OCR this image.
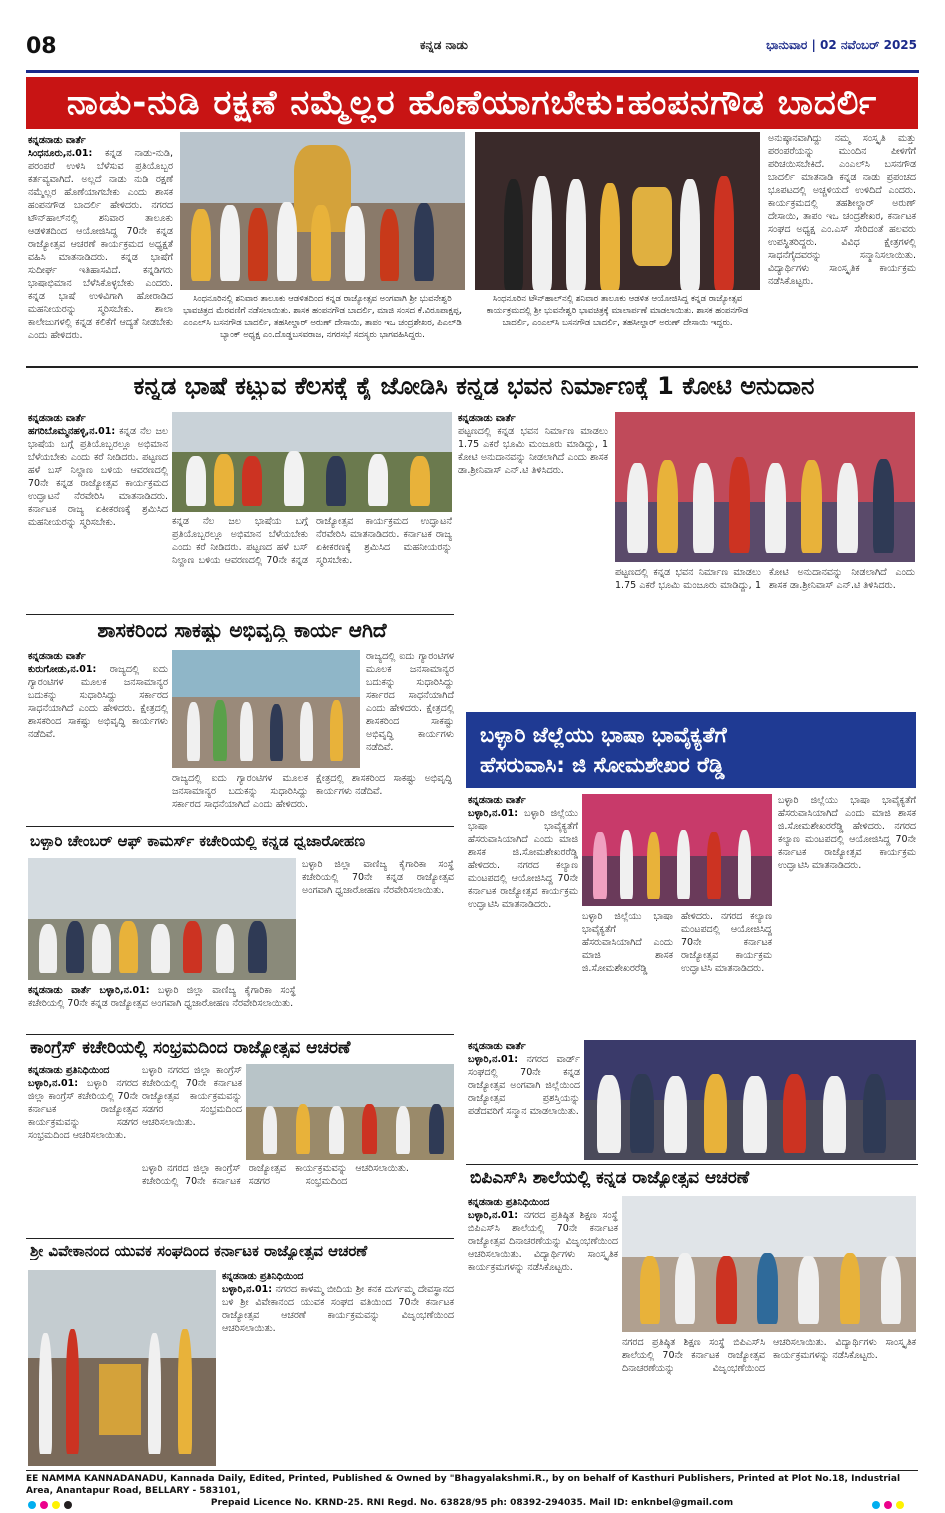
08	ಕನ್ನಡ ನಾಡು	ಭಾನುವಾರ | 02 ನವೆಂಬರ್ 2025
ನಾಡು-ನುಡಿ ರಕ್ಷಣೆ ನಮ್ಮೆಲ್ಲರ ಹೊಣೆಯಾಗಬೇಕು:ಹಂಪನಗೌಡ ಬಾದರ್ಲಿ
ಕನ್ನಡನಾಡು ವಾರ್ತೆ
ಸಿಂಧನೂರು,ನ.01: ಕನ್ನಡ ನಾಡು-ನುಡಿ, ಪರಂಪರೆ ಉಳಿಸಿ ಬೆಳೆಸುವ ಪ್ರತಿಯೊಬ್ಬರ ಕರ್ತವ್ಯವಾಗಿದೆ. ಅಲ್ಲದೆ ನಾಡು ನುಡಿ ರಕ್ಷಣೆ ನಮ್ಮೆಲ್ಲರ ಹೊಣೆಯಾಗಬೇಕು ಎಂದು ಶಾಸಕ ಹಂಪನಗೌಡ ಬಾದರ್ಲಿ ಹೇಳಿದರು. ನಗರದ ಟೌನ್‌ಹಾಲ್‌ನಲ್ಲಿ ಶನಿವಾರ ತಾಲೂಕು ಆಡಳಿತದಿಂದ ಆಯೋಜಿಸಿದ್ದ 70ನೇ ಕನ್ನಡ ರಾಜ್ಯೋತ್ಸವ ಆಚರಣೆ ಕಾರ್ಯಕ್ರಮದ ಅಧ್ಯಕ್ಷತೆ ವಹಿಸಿ ಮಾತನಾಡಿದರು. ಕನ್ನಡ ಭಾಷೆಗೆ ಸುದೀರ್ಘ ಇತಿಹಾಸವಿದೆ. ಕನ್ನಡಿಗರು ಭಾಷಾಭಿಮಾನ ಬೆಳೆಸಿಕೊಳ್ಳಬೇಕು ಎಂದರು. ಕನ್ನಡ ಭಾಷೆ ಉಳಿವಿಗಾಗಿ ಹೋರಾಡಿದ ಮಹನೀಯರನ್ನು ಸ್ಮರಿಸಬೇಕು. ಶಾಲಾ ಕಾಲೇಜುಗಳಲ್ಲಿ ಕನ್ನಡ ಕಲಿಕೆಗೆ ಆದ್ಯತೆ ನೀಡಬೇಕು ಎಂದು ಹೇಳಿದರು.
ಸಿಂಧನೂರಿನಲ್ಲಿ ಶನಿವಾರ ತಾಲೂಕು ಆಡಳಿತದಿಂದ ಕನ್ನಡ ರಾಜ್ಯೋತ್ಸವ ಅಂಗವಾಗಿ ಶ್ರೀ ಭುವನೇಶ್ವರಿ ಭಾವಚಿತ್ರದ ಮೆರವಣಿಗೆ ನಡೆಸಲಾಯಿತು. ಶಾಸಕ ಹಂಪನಗೌಡ ಬಾದರ್ಲಿ, ಮಾಜಿ ಸಂಸದ ಕೆ.ವಿರೂಪಾಕ್ಷಪ್ಪ, ಎಂಎಲ್‌ಸಿ ಬಸನಗೌಡ ಬಾದರ್ಲಿ, ತಹಸೀಲ್ದಾರ್ ಅರುಣ್ ದೇಸಾಯಿ, ತಾಪಂ ಇಒ ಚಂದ್ರಶೇಖರ, ಪಿಎಲ್‌ಡಿ ಬ್ಯಾಂಕ್ ಅಧ್ಯಕ್ಷ ಎಂ.ದೊಡ್ಡಬಸವರಾಜ, ನಗರಸಭೆ ಸದಸ್ಯರು ಭಾಗವಹಿಸಿದ್ದರು.
ಸಿಂಧನೂರಿನ ಟೌನ್‌ಹಾಲ್‌ನಲ್ಲಿ ಶನಿವಾರ ತಾಲೂಕು ಆಡಳಿತ ಆಯೋಜಿಸಿದ್ದ ಕನ್ನಡ ರಾಜ್ಯೋತ್ಸವ ಕಾರ್ಯಕ್ರಮದಲ್ಲಿ ಶ್ರೀ ಭುವನೇಶ್ವರಿ ಭಾವಚಿತ್ರಕ್ಕೆ ಮಾಲಾರ್ಪಣೆ ಮಾಡಲಾಯಿತು. ಶಾಸಕ ಹಂಪನಗೌಡ ಬಾದರ್ಲಿ, ಎಂಎಲ್‌ಸಿ ಬಸನಗೌಡ ಬಾದರ್ಲಿ, ತಹಸೀಲ್ದಾರ್ ಅರುಣ್ ದೇಸಾಯಿ ಇದ್ದರು.
ಅನುಷ್ಠಾನವಾಗಿದ್ದು ನಮ್ಮ ಸಂಸ್ಕೃತಿ ಮತ್ತು ಪರಂಪರೆಯನ್ನು ಮುಂದಿನ ಪೀಳಿಗೆಗೆ ಪರಿಚಯಿಸಬೇಕಿದೆ. ಎಂಎಲ್‌ಸಿ ಬಸನಗೌಡ ಬಾದರ್ಲಿ ಮಾತನಾಡಿ ಕನ್ನಡ ನಾಡು ಪ್ರಪಂಚದ ಭೂಪಟದಲ್ಲಿ ಅಚ್ಚಳಿಯದೆ ಉಳಿದಿದೆ ಎಂದರು. ಕಾರ್ಯಕ್ರಮದಲ್ಲಿ ತಹಶೀಲ್ದಾರ್ ಅರುಣ್ ದೇಸಾಯಿ, ತಾಪಂ ಇಒ ಚಂದ್ರಶೇಖರ, ಕರ್ನಾಟಕ ಸಂಘದ ಅಧ್ಯಕ್ಷ ಎಂ.ಎಸ್ ಸೇರಿದಂತೆ ಹಲವರು ಉಪಸ್ಥಿತರಿದ್ದರು. ವಿವಿಧ ಕ್ಷೇತ್ರಗಳಲ್ಲಿ ಸಾಧನೆಗೈದವರನ್ನು ಸನ್ಮಾನಿಸಲಾಯಿತು. ವಿದ್ಯಾರ್ಥಿಗಳು ಸಾಂಸ್ಕೃತಿಕ ಕಾರ್ಯಕ್ರಮ ನಡೆಸಿಕೊಟ್ಟರು.
ಕನ್ನಡ ಭಾಷೆ ಕಟ್ಟುವ ಕೆಲಸಕ್ಕೆ ಕೈ ಜೋಡಿಸಿ ಕನ್ನಡ ಭವನ ನಿರ್ಮಾಣಕ್ಕೆ 1 ಕೋಟಿ ಅನುದಾನ
ಕನ್ನಡನಾಡು ವಾರ್ತೆ
ಹಗರಿಬೊಮ್ಮನಹಳ್ಳಿ,ನ.01: ಕನ್ನಡ ನೆಲ ಜಲ ಭಾಷೆಯ ಬಗ್ಗೆ ಪ್ರತಿಯೊಬ್ಬರಲ್ಲೂ ಅಭಿಮಾನ ಬೆಳೆಯಬೇಕು ಎಂದು ಕರೆ ನೀಡಿದರು. ಪಟ್ಟಣದ ಹಳೆ ಬಸ್ ನಿಲ್ದಾಣ ಬಳಿಯ ಆವರಣದಲ್ಲಿ 70ನೇ ಕನ್ನಡ ರಾಜ್ಯೋತ್ಸವ ಕಾರ್ಯಕ್ರಮದ ಉದ್ಘಾಟನೆ ನೆರವೇರಿಸಿ ಮಾತನಾಡಿದರು. ಕರ್ನಾಟಕ ರಾಜ್ಯ ಏಕೀಕರಣಕ್ಕೆ ಶ್ರಮಿಸಿದ ಮಹನೀಯರನ್ನು ಸ್ಮರಿಸಬೇಕು.	ಕನ್ನಡ ನೆಲ ಜಲ ಭಾಷೆಯ ಬಗ್ಗೆ ಪ್ರತಿಯೊಬ್ಬರಲ್ಲೂ ಅಭಿಮಾನ ಬೆಳೆಯಬೇಕು ಎಂದು ಕರೆ ನೀಡಿದರು. ಪಟ್ಟಣದ ಹಳೆ ಬಸ್ ನಿಲ್ದಾಣ ಬಳಿಯ ಆವರಣದಲ್ಲಿ 70ನೇ ಕನ್ನಡ ರಾಜ್ಯೋತ್ಸವ ಕಾರ್ಯಕ್ರಮದ ಉದ್ಘಾಟನೆ ನೆರವೇರಿಸಿ ಮಾತನಾಡಿದರು. ಕರ್ನಾಟಕ ರಾಜ್ಯ ಏಕೀಕರಣಕ್ಕೆ ಶ್ರಮಿಸಿದ ಮಹನೀಯರನ್ನು ಸ್ಮರಿಸಬೇಕು.
ಕನ್ನಡನಾಡು ವಾರ್ತೆ
ಪಟ್ಟಣದಲ್ಲಿ ಕನ್ನಡ ಭವನ ನಿರ್ಮಾಣ ಮಾಡಲು 1.75 ಎಕರೆ ಭೂಮಿ ಮಂಜೂರು ಮಾಡಿದ್ದು, 1 ಕೋಟಿ ಅನುದಾನವನ್ನು ನೀಡಲಾಗಿದೆ ಎಂದು ಶಾಸಕ ಡಾ.ಶ್ರೀನಿವಾಸ್ ಎನ್.ಟಿ ತಿಳಿಸಿದರು.
ಪಟ್ಟಣದಲ್ಲಿ ಕನ್ನಡ ಭವನ ನಿರ್ಮಾಣ ಮಾಡಲು 1.75 ಎಕರೆ ಭೂಮಿ ಮಂಜೂರು ಮಾಡಿದ್ದು, 1 ಕೋಟಿ ಅನುದಾನವನ್ನು ನೀಡಲಾಗಿದೆ ಎಂದು ಶಾಸಕ ಡಾ.ಶ್ರೀನಿವಾಸ್ ಎನ್.ಟಿ ತಿಳಿಸಿದರು.
ಶಾಸಕರಿಂದ ಸಾಕಷ್ಟು ಅಭಿವೃದ್ಧಿ ಕಾರ್ಯ ಆಗಿದೆ
ಕನ್ನಡನಾಡು ವಾರ್ತೆ
ಕುರುಗೋಡು,ನ.01: ರಾಜ್ಯದಲ್ಲಿ ಐದು ಗ್ಯಾರಂಟಿಗಳ ಮೂಲಕ ಜನಸಾಮಾನ್ಯರ ಬದುಕನ್ನು ಸುಧಾರಿಸಿದ್ದು ಸರ್ಕಾರದ ಸಾಧನೆಯಾಗಿದೆ ಎಂದು ಹೇಳಿದರು. ಕ್ಷೇತ್ರದಲ್ಲಿ ಶಾಸಕರಿಂದ ಸಾಕಷ್ಟು ಅಭಿವೃದ್ಧಿ ಕಾರ್ಯಗಳು ನಡೆದಿವೆ.
ರಾಜ್ಯದಲ್ಲಿ ಐದು ಗ್ಯಾರಂಟಿಗಳ ಮೂಲಕ ಜನಸಾಮಾನ್ಯರ ಬದುಕನ್ನು ಸುಧಾರಿಸಿದ್ದು ಸರ್ಕಾರದ ಸಾಧನೆಯಾಗಿದೆ ಎಂದು ಹೇಳಿದರು. ಕ್ಷೇತ್ರದಲ್ಲಿ ಶಾಸಕರಿಂದ ಸಾಕಷ್ಟು ಅಭಿವೃದ್ಧಿ ಕಾರ್ಯಗಳು ನಡೆದಿವೆ.
ರಾಜ್ಯದಲ್ಲಿ ಐದು ಗ್ಯಾರಂಟಿಗಳ ಮೂಲಕ ಜನಸಾಮಾನ್ಯರ ಬದುಕನ್ನು ಸುಧಾರಿಸಿದ್ದು ಸರ್ಕಾರದ ಸಾಧನೆಯಾಗಿದೆ ಎಂದು ಹೇಳಿದರು. ಕ್ಷೇತ್ರದಲ್ಲಿ ಶಾಸಕರಿಂದ ಸಾಕಷ್ಟು ಅಭಿವೃದ್ಧಿ ಕಾರ್ಯಗಳು ನಡೆದಿವೆ.
ಬಳ್ಳಾರಿ ಜೆಲ್ಲೆಯು ಭಾಷಾ ಭಾವೈಕ್ಯತೆಗೆ
ಹೆಸರುವಾಸಿ: ಜಿ ಸೋಮಶೇಖರ ರೆಡ್ಡಿ
ಕನ್ನಡನಾಡು ವಾರ್ತೆ
ಬಳ್ಳಾರಿ,ನ.01: ಬಳ್ಳಾರಿ ಜಿಲ್ಲೆಯು ಭಾಷಾ ಭಾವೈಕ್ಯತೆಗೆ ಹೆಸರುವಾಸಿಯಾಗಿದೆ ಎಂದು ಮಾಜಿ ಶಾಸಕ ಜಿ.ಸೋಮಶೇಖರರೆಡ್ಡಿ ಹೇಳಿದರು. ನಗರದ ಕಲ್ಯಾಣ ಮಂಟಪದಲ್ಲಿ ಆಯೋಜಿಸಿದ್ದ 70ನೇ ಕರ್ನಾಟಕ ರಾಜ್ಯೋತ್ಸವ ಕಾರ್ಯಕ್ರಮ ಉದ್ಘಾಟಿಸಿ ಮಾತನಾಡಿದರು.
ಬಳ್ಳಾರಿ ಜಿಲ್ಲೆಯು ಭಾಷಾ ಭಾವೈಕ್ಯತೆಗೆ ಹೆಸರುವಾಸಿಯಾಗಿದೆ ಎಂದು ಮಾಜಿ ಶಾಸಕ ಜಿ.ಸೋಮಶೇಖರರೆಡ್ಡಿ ಹೇಳಿದರು. ನಗರದ ಕಲ್ಯಾಣ ಮಂಟಪದಲ್ಲಿ ಆಯೋಜಿಸಿದ್ದ 70ನೇ ಕರ್ನಾಟಕ ರಾಜ್ಯೋತ್ಸವ ಕಾರ್ಯಕ್ರಮ ಉದ್ಘಾಟಿಸಿ ಮಾತನಾಡಿದರು.
ಬಳ್ಳಾರಿ ಜಿಲ್ಲೆಯು ಭಾಷಾ ಭಾವೈಕ್ಯತೆಗೆ ಹೆಸರುವಾಸಿಯಾಗಿದೆ ಎಂದು ಮಾಜಿ ಶಾಸಕ ಜಿ.ಸೋಮಶೇಖರರೆಡ್ಡಿ ಹೇಳಿದರು. ನಗರದ ಕಲ್ಯಾಣ ಮಂಟಪದಲ್ಲಿ ಆಯೋಜಿಸಿದ್ದ 70ನೇ ಕರ್ನಾಟಕ ರಾಜ್ಯೋತ್ಸವ ಕಾರ್ಯಕ್ರಮ ಉದ್ಘಾಟಿಸಿ ಮಾತನಾಡಿದರು.
ಬಳ್ಳಾರಿ ಚೇಂಬರ್ ಆಫ್ ಕಾಮರ್ಸ್ ಕಚೇರಿಯಲ್ಲಿ ಕನ್ನಡ ಧ್ವಜಾರೋಹಣ
ಕನ್ನಡನಾಡು ವಾರ್ತೆ ಬಳ್ಳಾರಿ,ನ.01: ಬಳ್ಳಾರಿ ಜಿಲ್ಲಾ ವಾಣಿಜ್ಯ ಕೈಗಾರಿಕಾ ಸಂಸ್ಥೆ ಕಚೇರಿಯಲ್ಲಿ 70ನೇ ಕನ್ನಡ ರಾಜ್ಯೋತ್ಸವ ಅಂಗವಾಗಿ ಧ್ವಜಾರೋಹಣ ನೆರವೇರಿಸಲಾಯಿತು.
ಬಳ್ಳಾರಿ ಜಿಲ್ಲಾ ವಾಣಿಜ್ಯ ಕೈಗಾರಿಕಾ ಸಂಸ್ಥೆ ಕಚೇರಿಯಲ್ಲಿ 70ನೇ ಕನ್ನಡ ರಾಜ್ಯೋತ್ಸವ ಅಂಗವಾಗಿ ಧ್ವಜಾರೋಹಣ ನೆರವೇರಿಸಲಾಯಿತು.
ಕಾಂಗ್ರೆಸ್ ಕಚೇರಿಯಲ್ಲಿ ಸಂಭ್ರಮದಿಂದ ರಾಜ್ಯೋತ್ಸವ ಆಚರಣೆ
ಕನ್ನಡನಾಡು ಪ್ರತಿನಿಧಿಯಿಂದ
ಬಳ್ಳಾರಿ,ನ.01: ಬಳ್ಳಾರಿ ನಗರದ ಜಿಲ್ಲಾ ಕಾಂಗ್ರೆಸ್ ಕಚೇರಿಯಲ್ಲಿ 70ನೇ ಕರ್ನಾಟಕ ರಾಜ್ಯೋತ್ಸವ ಕಾರ್ಯಕ್ರಮವನ್ನು ಸಡಗರ ಸಂಭ್ರಮದಿಂದ ಆಚರಿಸಲಾಯಿತು.
ಬಳ್ಳಾರಿ ನಗರದ ಜಿಲ್ಲಾ ಕಾಂಗ್ರೆಸ್ ಕಚೇರಿಯಲ್ಲಿ 70ನೇ ಕರ್ನಾಟಕ ರಾಜ್ಯೋತ್ಸವ ಕಾರ್ಯಕ್ರಮವನ್ನು ಸಡಗರ ಸಂಭ್ರಮದಿಂದ ಆಚರಿಸಲಾಯಿತು.
ಬಳ್ಳಾರಿ ನಗರದ ಜಿಲ್ಲಾ ಕಾಂಗ್ರೆಸ್ ಕಚೇರಿಯಲ್ಲಿ 70ನೇ ಕರ್ನಾಟಕ ರಾಜ್ಯೋತ್ಸವ ಕಾರ್ಯಕ್ರಮವನ್ನು ಸಡಗರ ಸಂಭ್ರಮದಿಂದ ಆಚರಿಸಲಾಯಿತು.
ಕನ್ನಡನಾಡು ವಾರ್ತೆ
ಬಳ್ಳಾರಿ,ನ.01: ನಗರದ ವಾರ್ಡ್ ಸಂಘದಲ್ಲಿ 70ನೇ ಕನ್ನಡ ರಾಜ್ಯೋತ್ಸವ ಅಂಗವಾಗಿ ಜಿಲ್ಲೆಯಿಂದ ರಾಜ್ಯೋತ್ಸವ ಪ್ರಶಸ್ತಿಯನ್ನು ಪಡೆದವರಿಗೆ ಸನ್ಮಾನ ಮಾಡಲಾಯಿತು.
ಬಿಪಿಎಸ್‌ಸಿ ಶಾಲೆಯಲ್ಲಿ ಕನ್ನಡ ರಾಜ್ಯೋತ್ಸವ ಆಚರಣೆ
ಕನ್ನಡನಾಡು ಪ್ರತಿನಿಧಿಯಿಂದ
ಬಳ್ಳಾರಿ,ನ.01: ನಗರದ ಪ್ರತಿಷ್ಠಿತ ಶಿಕ್ಷಣ ಸಂಸ್ಥೆ ಬಿಪಿಎಸ್‌ಸಿ ಶಾಲೆಯಲ್ಲಿ 70ನೇ ಕರ್ನಾಟಕ ರಾಜ್ಯೋತ್ಸವ ದಿನಾಚರಣೆಯನ್ನು ವಿಜೃಂಭಣೆಯಿಂದ ಆಚರಿಸಲಾಯಿತು. ವಿದ್ಯಾರ್ಥಿಗಳು ಸಾಂಸ್ಕೃತಿಕ ಕಾರ್ಯಕ್ರಮಗಳನ್ನು ನಡೆಸಿಕೊಟ್ಟರು.
ನಗರದ ಪ್ರತಿಷ್ಠಿತ ಶಿಕ್ಷಣ ಸಂಸ್ಥೆ ಬಿಪಿಎಸ್‌ಸಿ ಶಾಲೆಯಲ್ಲಿ 70ನೇ ಕರ್ನಾಟಕ ರಾಜ್ಯೋತ್ಸವ ದಿನಾಚರಣೆಯನ್ನು ವಿಜೃಂಭಣೆಯಿಂದ ಆಚರಿಸಲಾಯಿತು. ವಿದ್ಯಾರ್ಥಿಗಳು ಸಾಂಸ್ಕೃತಿಕ ಕಾರ್ಯಕ್ರಮಗಳನ್ನು ನಡೆಸಿಕೊಟ್ಟರು.
ಶ್ರೀ ವಿವೇಕಾನಂದ ಯುವಕ ಸಂಘದಿಂದ ಕರ್ನಾಟಕ ರಾಜ್ಯೋತ್ಸವ ಆಚರಣೆ
ಕನ್ನಡನಾಡು ಪ್ರತಿನಿಧಿಯಿಂದ
ಬಳ್ಳಾರಿ,ನ.01: ನಗರದ ಕಾಳಮ್ಮ ಬೀದಿಯ ಶ್ರೀ ಕನಕ ದುರ್ಗಮ್ಮ ದೇವಸ್ಥಾನದ ಬಳಿ ಶ್ರೀ ವಿವೇಕಾನಂದ ಯುವಕ ಸಂಘದ ವತಿಯಿಂದ 70ನೇ ಕರ್ನಾಟಕ ರಾಜ್ಯೋತ್ಸವ ಆಚರಣೆ ಕಾರ್ಯಕ್ರಮವನ್ನು ವಿಜೃಂಭಣೆಯಿಂದ ಆಚರಿಸಲಾಯಿತು.
EE NAMMA KANNADANADU, Kannada Daily, Edited, Printed, Published & Owned by "Bhagyalakshmi.R., by on behalf of Kasthuri Publishers, Printed at Plot No.18, Industrial Area, Anantapur Road, BELLARY - 583101,
Prepaid Licence No. KRND-25. RNI Regd. No. 63828/95 ph: 08392-294035. Mail ID: enknbel@gmail.com
